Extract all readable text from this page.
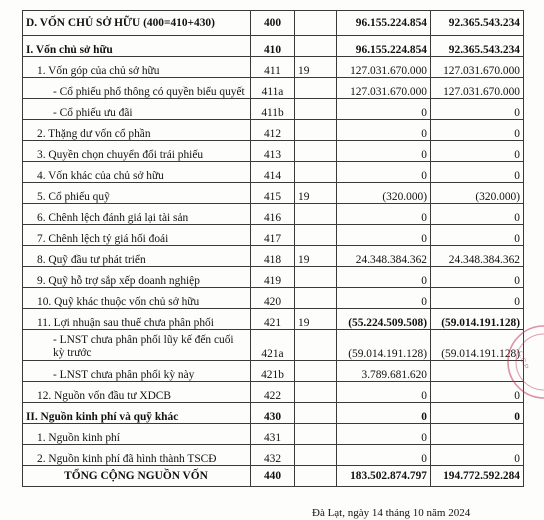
D. VỐN CHỦ SỞ HỮU (400=410+430)	400		96.155.224.854	92.365.543.234
I. Vốn chủ sở hữu	410		96.155.224.854	92.365.543.234
1. Vốn góp của chủ sở hữu	411	19	127.031.670.000	127.031.670.000
- Cổ phiếu phổ thông có quyền biểu quyết	411a		127.031.670.000	127.031.670.000
- Cổ phiếu ưu đãi	411b		0	0
2. Thặng dư vốn cổ phần	412		0	0
3. Quyền chọn chuyển đổi trái phiếu	413		0	0
4. Vốn khác của chủ sở hữu	414		0	0
5. Cổ phiếu quỹ	415	19	(320.000)	(320.000)
6. Chênh lệch đánh giá lại tài sản	416		0	0
7. Chênh lệch tỷ giá hối đoái	417		0	0
8. Quỹ đầu tư phát triển	418	19	24.348.384.362	24.348.384.362
9. Quỹ hỗ trợ sắp xếp doanh nghiệp	419		0	0
10. Quỹ khác thuộc vốn chủ sở hữu	420		0	0
11. Lợi nhuận sau thuế chưa phân phối	421	19	(55.224.509.508)	(59.014.191.128)
- LNST chưa phân phối lũy kế đến cuối kỳ trước	421a		(59.014.191.128)	(59.014.191.128)
- LNST chưa phân phối kỳ này	421b		3.789.681.620	
12. Nguồn vốn đầu tư XDCB	422		0	0
II. Nguồn kinh phí và quỹ khác	430		0	0
1. Nguồn kinh phí	431		0	
2. Nguồn kinh phí đã hình thành TSCĐ	432		0	0
TỔNG CỘNG NGUỒN VỐN	440		183.502.874.797	194.772.592.284
Đà Lạt, ngày 14 tháng 10 năm 2024
C.C.P
